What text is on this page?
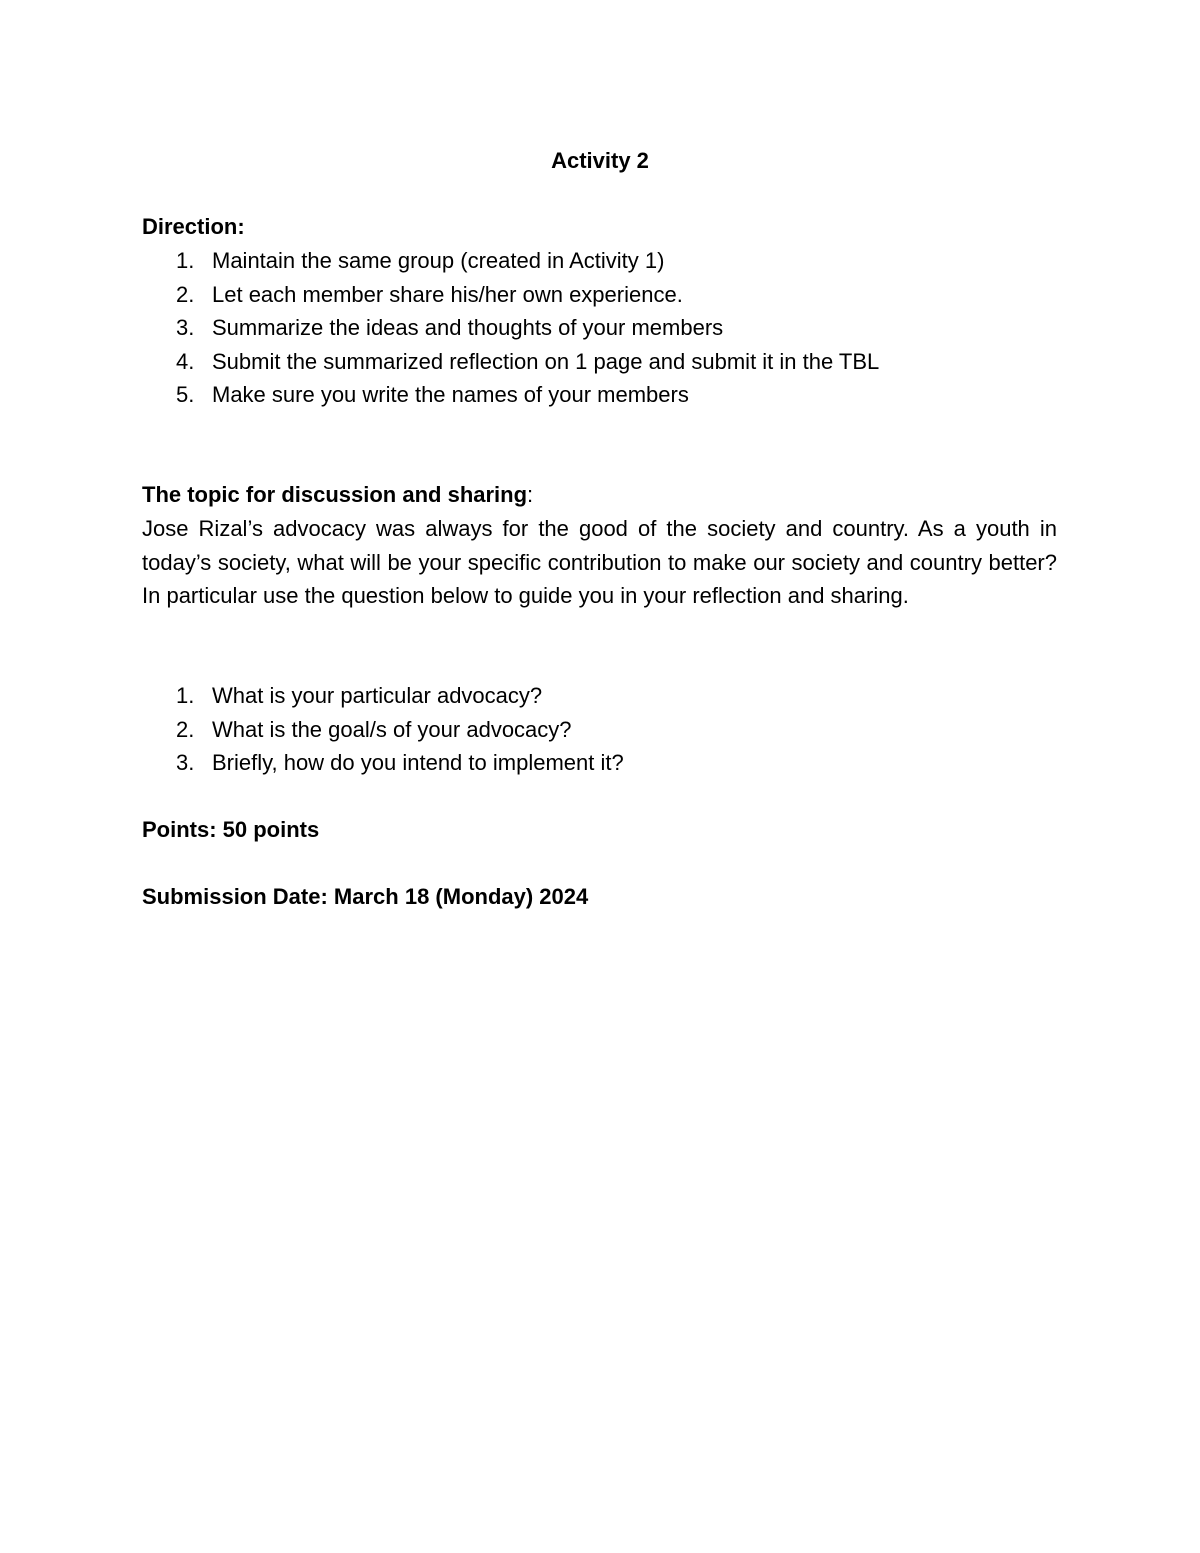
Activity 2
Direction:
1. Maintain the same group (created in Activity 1)
2. Let each member share his/her own experience.
3. Summarize the ideas and thoughts of your members
4. Submit the summarized reflection on 1 page and submit it in the TBL
5. Make sure you write the names of your members
The topic for discussion and sharing:

Jose Rizal’s advocacy was always for the good of the society and country. As a youth in today’s society, what will be your specific contribution to make our society and country better? In particular use the question below to guide you in your reflection and sharing.

1. What is your particular advocacy?
2. What is the goal/s of your advocacy?
3. Briefly, how do you intend to implement it?
Points: 50 points
Submission Date: March 18 (Monday) 2024
